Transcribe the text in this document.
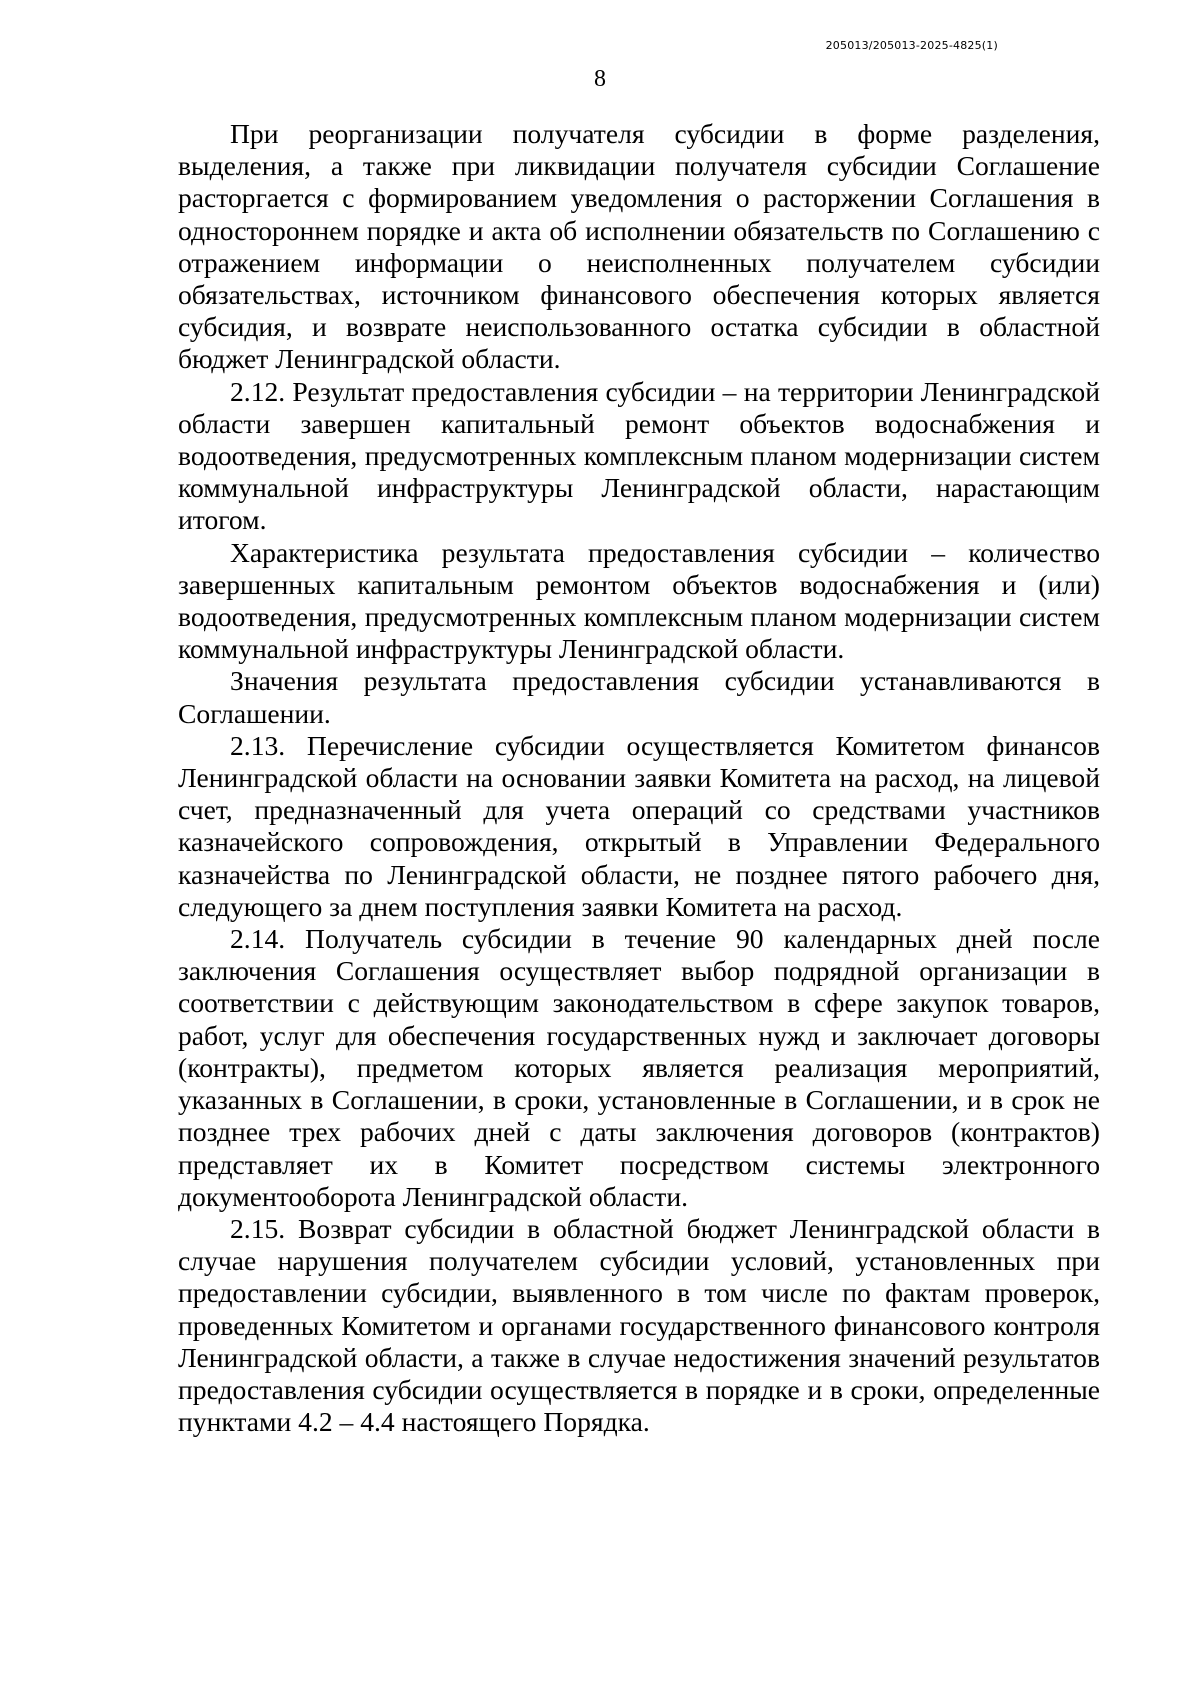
205013/205013-2025-4825(1)
8

При реорганизации получателя субсидии в форме разделения, выделения, а также при ликвидации получателя субсидии Соглашение расторгается с формированием уведомления о расторжении Соглашения в одностороннем порядке и акта об исполнении обязательств по Соглашению с отражением информации о неисполненных получателем субсидии обязательствах, источником финансового обеспечения которых является субсидия, и возврате неиспользованного остатка субсидии в областной бюджет Ленинградской области.

2.12. Результат предоставления субсидии – на территории Ленинградской области завершен капитальный ремонт объектов водоснабжения и водоотведения, предусмотренных комплексным планом модернизации систем коммунальной инфраструктуры Ленинградской области, нарастающим итогом.

Характеристика результата предоставления субсидии – количество завершенных капитальным ремонтом объектов водоснабжения и (или) водоотведения, предусмотренных комплексным планом модернизации систем коммунальной инфраструктуры Ленинградской области.

Значения результата предоставления субсидии устанавливаются в Соглашении.

2.13. Перечисление субсидии осуществляется Комитетом финансов Ленинградской области на основании заявки Комитета на расход, на лицевой счет, предназначенный для учета операций со средствами участников казначейского сопровождения, открытый в Управлении Федерального казначейства по Ленинградской области, не позднее пятого рабочего дня, следующего за днем поступления заявки Комитета на расход.

2.14. Получатель субсидии в течение 90 календарных дней после заключения Соглашения осуществляет выбор подрядной организации в соответствии с действующим законодательством в сфере закупок товаров, работ, услуг для обеспечения государственных нужд и заключает договоры (контракты), предметом которых является реализация мероприятий, указанных в Соглашении, в сроки, установленные в Соглашении, и в срок не позднее трех рабочих дней с даты заключения договоров (контрактов) представляет их в Комитет посредством системы электронного документооборота Ленинградской области.

2.15. Возврат субсидии в областной бюджет Ленинградской области в случае нарушения получателем субсидии условий, установленных при предоставлении субсидии, выявленного в том числе по фактам проверок, проведенных Комитетом и органами государственного финансового контроля Ленинградской области, а также в случае недостижения значений результатов предоставления субсидии осуществляется в порядке и в сроки, определенные пунктами 4.2 – 4.4 настоящего Порядка.
